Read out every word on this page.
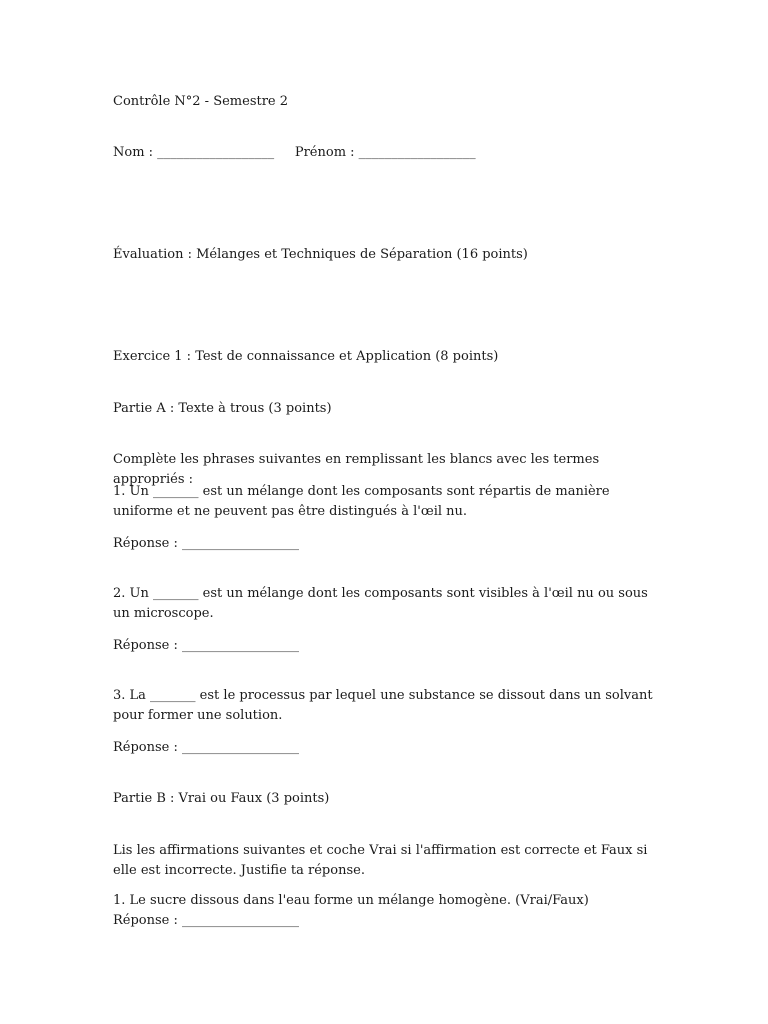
Contrôle N°2 - Semestre 2
Nom : __________________     Prénom : __________________
Évaluation : Mélanges et Techniques de Séparation (16 points)
Exercice 1 : Test de connaissance et Application (8 points)
Partie A : Texte à trous (3 points)
Complète les phrases suivantes en remplissant les blancs avec les termes appropriés :
1. Un _______ est un mélange dont les composants sont répartis de manière uniforme et ne peuvent pas être distingués à l'œil nu.
Réponse : __________________
2. Un _______ est un mélange dont les composants sont visibles à l'œil nu ou sous un microscope.
Réponse : __________________
3. La _______ est le processus par lequel une substance se dissout dans un solvant pour former une solution.
Réponse : __________________
Partie B : Vrai ou Faux (3 points)
Lis les affirmations suivantes et coche Vrai si l'affirmation est correcte et Faux si elle est incorrecte. Justifie ta réponse.
1. Le sucre dissous dans l'eau forme un mélange homogène. (Vrai/Faux)
Réponse : __________________
